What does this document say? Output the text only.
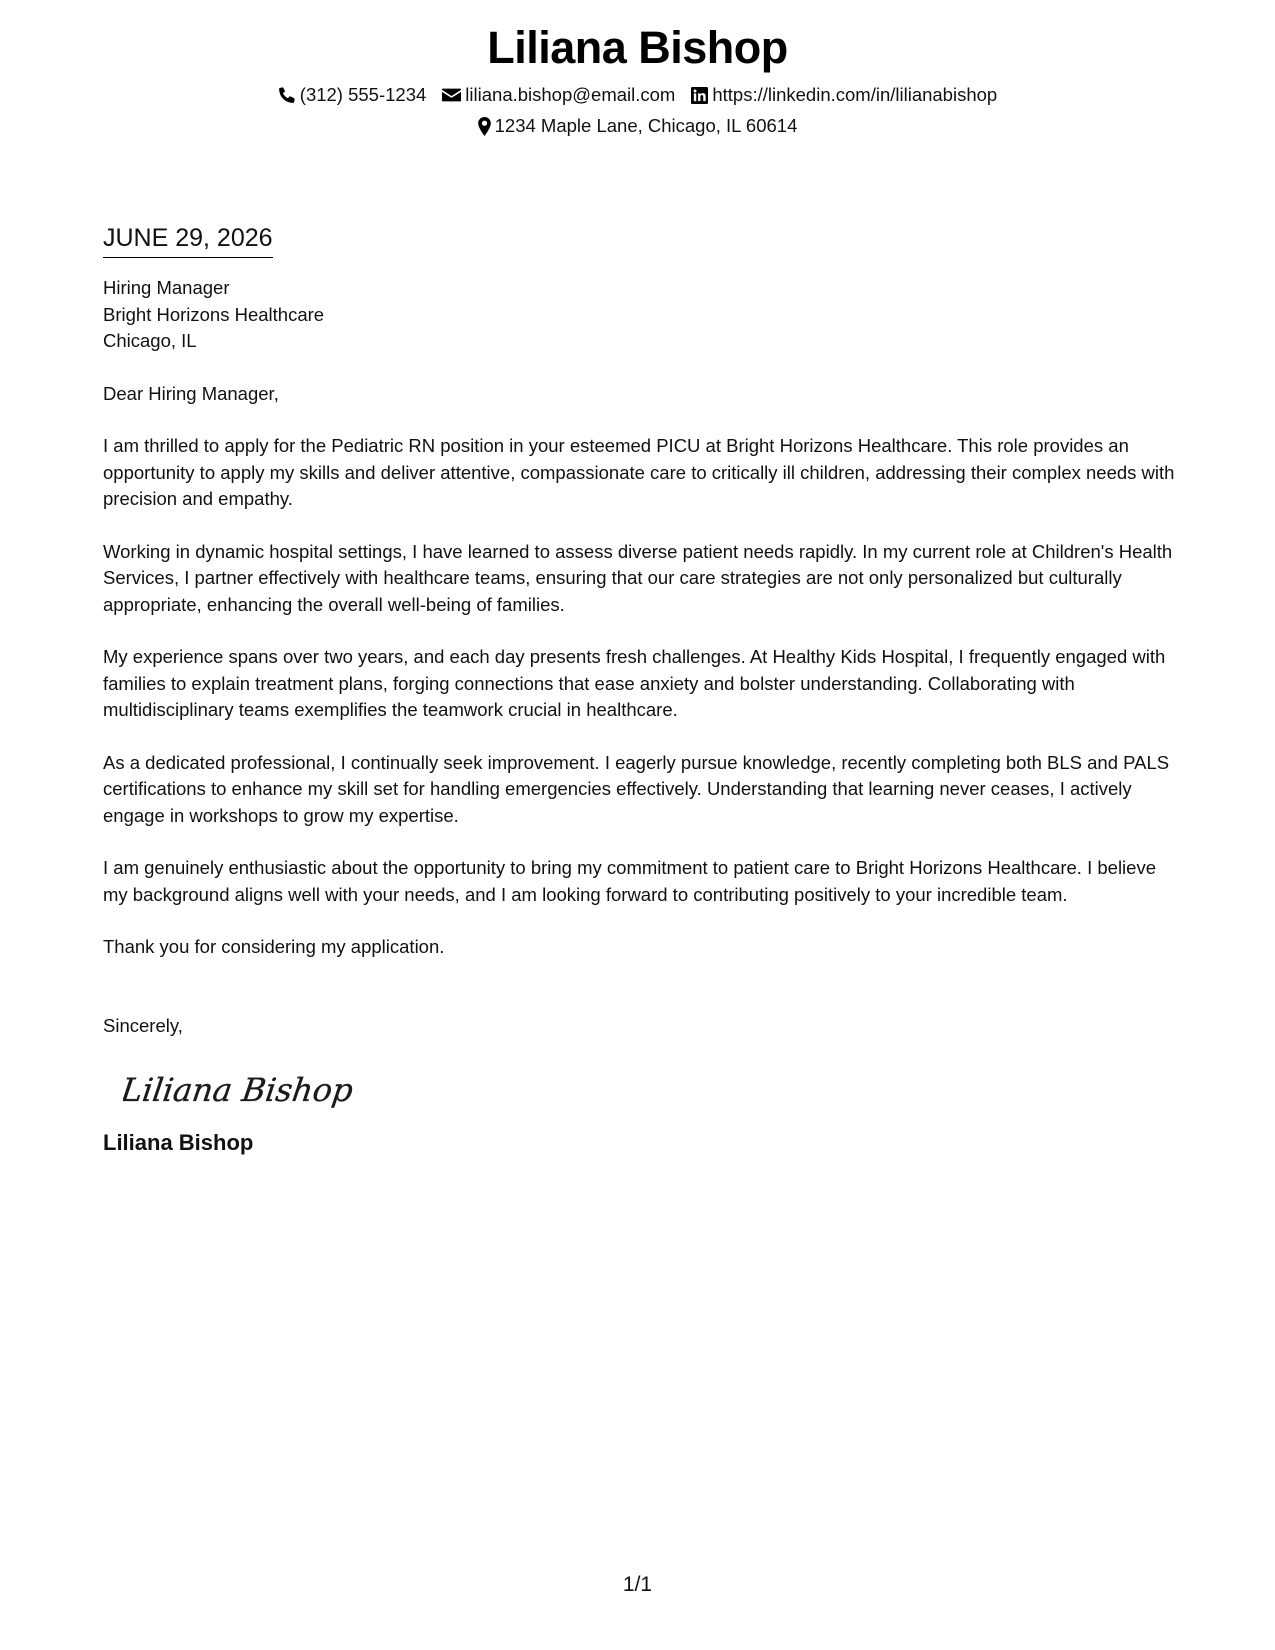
Liliana Bishop
(312) 555-1234 liliana.bishop@email.com https://linkedin.com/in/lilianabishop
1234 Maple Lane, Chicago, IL 60614
JUNE 29, 2026
Hiring Manager
Bright Horizons Healthcare
Chicago, IL
Dear Hiring Manager,
I am thrilled to apply for the Pediatric RN position in your esteemed PICU at Bright Horizons Healthcare. This role provides an opportunity to apply my skills and deliver attentive, compassionate care to critically ill children, addressing their complex needs with precision and empathy.
Working in dynamic hospital settings, I have learned to assess diverse patient needs rapidly. In my current role at Children's Health Services, I partner effectively with healthcare teams, ensuring that our care strategies are not only personalized but culturally appropriate, enhancing the overall well-being of families.
My experience spans over two years, and each day presents fresh challenges. At Healthy Kids Hospital, I frequently engaged with families to explain treatment plans, forging connections that ease anxiety and bolster understanding. Collaborating with multidisciplinary teams exemplifies the teamwork crucial in healthcare.
As a dedicated professional, I continually seek improvement. I eagerly pursue knowledge, recently completing both BLS and PALS certifications to enhance my skill set for handling emergencies effectively. Understanding that learning never ceases, I actively engage in workshops to grow my expertise.
I am genuinely enthusiastic about the opportunity to bring my commitment to patient care to Bright Horizons Healthcare. I believe my background aligns well with your needs, and I am looking forward to contributing positively to your incredible team.
Thank you for considering my application.
Sincerely,
Liliana Bishop
Liliana Bishop
1/1
